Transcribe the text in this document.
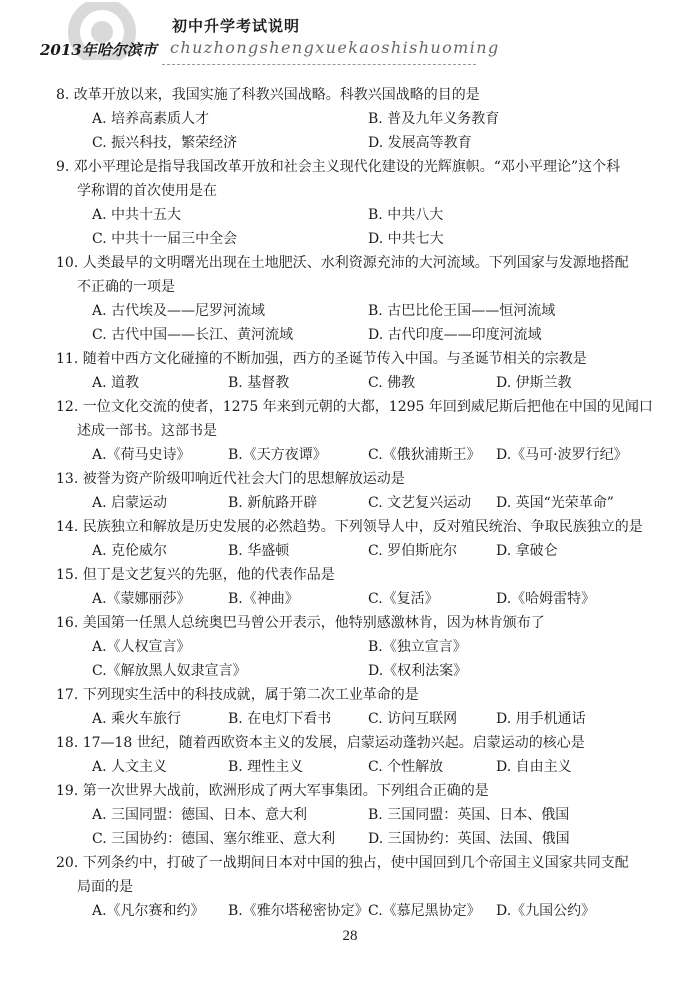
初中升学考试说明
2013年哈尔滨市 chuzhongshengxuekaoshishuoming
8. 改革开放以来，我国实施了科教兴国战略。科教兴国战略的目的是
A. 培养高素质人才	B. 普及九年义务教育
C. 振兴科技，繁荣经济	D. 发展高等教育
9. 邓小平理论是指导我国改革开放和社会主义现代化建设的光辉旗帜。“邓小平理论”这个科
学称谓的首次使用是在
A. 中共十五大	B. 中共八大
C. 中共十一届三中全会	D. 中共七大
10. 人类最早的文明曙光出现在土地肥沃、水利资源充沛的大河流域。下列国家与发源地搭配
不正确的一项是
A. 古代埃及——尼罗河流域	B. 古巴比伦王国——恒河流域
C. 古代中国——长江、黄河流域	D. 古代印度——印度河流域
11. 随着中西方文化碰撞的不断加强，西方的圣诞节传入中国。与圣诞节相关的宗教是
A. 道教	B. 基督教	C. 佛教	D. 伊斯兰教
12. 一位文化交流的使者，1275 年来到元朝的大都，1295 年回到威尼斯后把他在中国的见闻口
述成一部书。这部书是
A.《荷马史诗》	B.《天方夜谭》	C.《俄狄浦斯王》 D.《马可·波罗行纪》
13. 被誉为资产阶级叩响近代社会大门的思想解放运动是
A. 启蒙运动	B. 新航路开辟	C. 文艺复兴运动 D. 英国“光荣革命”
14. 民族独立和解放是历史发展的必然趋势。下列领导人中，反对殖民统治、争取民族独立的是
A. 克伦威尔	B. 华盛顿	C. 罗伯斯庇尔	D. 拿破仑
15. 但丁是文艺复兴的先驱，他的代表作品是
A.《蒙娜丽莎》	B.《神曲》	C.《复活》	D.《哈姆雷特》
16. 美国第一任黑人总统奥巴马曾公开表示，他特别感激林肯，因为林肯颁布了
A.《人权宣言》	B.《独立宣言》
C.《解放黑人奴隶宣言》	D.《权利法案》
17. 下列现实生活中的科技成就，属于第二次工业革命的是
A. 乘火车旅行	B. 在电灯下看书	C. 访问互联网	D. 用手机通话
18. 17—18 世纪，随着西欧资本主义的发展，启蒙运动蓬勃兴起。启蒙运动的核心是
A. 人文主义	B. 理性主义	C. 个性解放	D. 自由主义
19. 第一次世界大战前，欧洲形成了两大军事集团。下列组合正确的是
A. 三国同盟：德国、日本、意大利	B. 三国同盟：英国、日本、俄国
C. 三国协约：德国、塞尔维亚、意大利 D. 三国协约：英国、法国、俄国
20. 下列条约中，打破了一战期间日本对中国的独占，使中国回到几个帝国主义国家共同支配
局面的是
A.《凡尔赛和约》 B.《雅尔塔秘密协定》 C.《慕尼黑协定》 D.《九国公约》
28
